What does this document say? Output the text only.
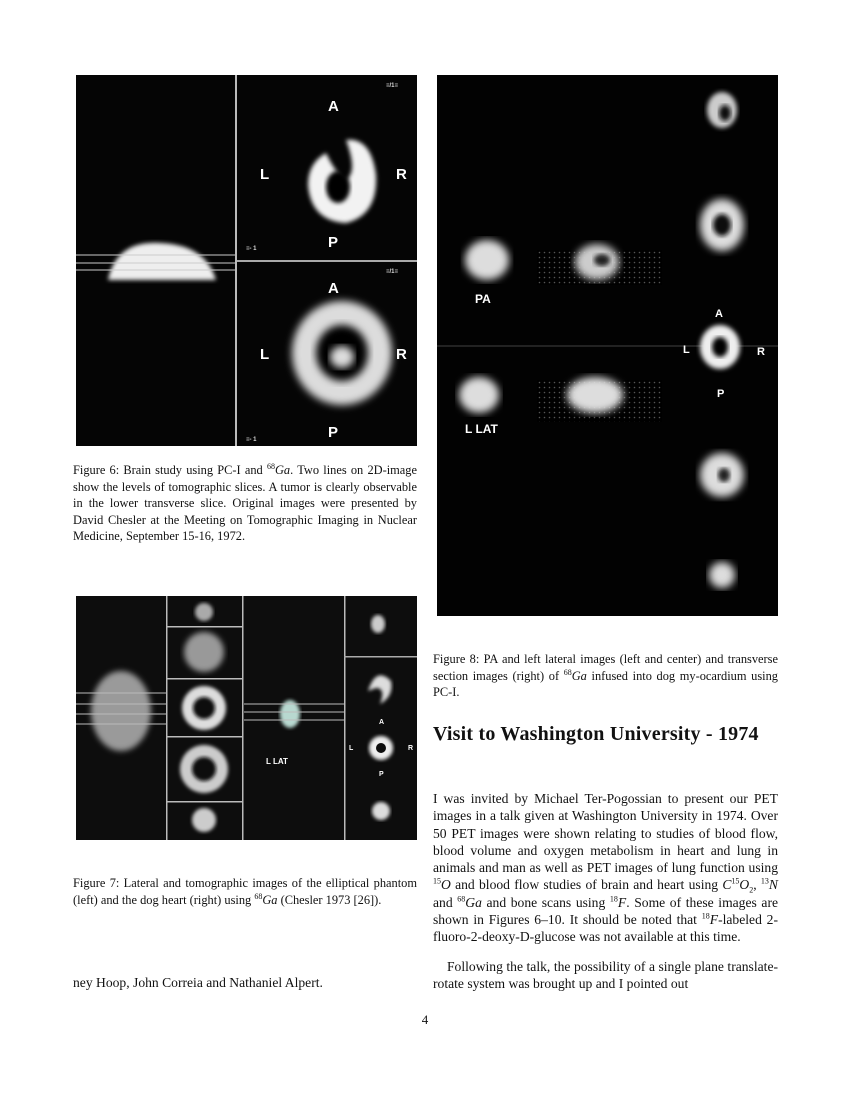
≡/1≡
≡/1≡
≡- 1
≡- 1
A
L	R
P
A
L	R
P
Figure 6: Brain study using PC-I and $^{68}$Ga. Two lines on 2D-image show the levels of tomographic slices. A tumor is clearly observable in the lower transverse slice. Original images were presented by David Chesler at the Meeting on Tomographic Imaging in Nuclear Medicine, September 15-16, 1972.
PA
L LAT
A
L	R
P
Figure 8: PA and left lateral images (left and center) and transverse section images (right) of $^{68}$Ga infused into dog my-ocardium using PC-I.
L LAT
A
L	R
P
Figure 7: Lateral and tomographic images of the elliptical phantom (left) and the dog heart (right) using $^{68}$Ga (Chesler 1973 [26]).
ney Hoop, John Correia and Nathaniel Alpert.
Visit to Washington University - 1974
I was invited by Michael Ter-Pogossian to present our PET images in a talk given at Washington University in 1974. Over 50 PET images were shown relating to studies of blood flow, blood volume and oxygen metabolism in heart and lung in animals and man as well as PET images of lung function using $^{15}$O and blood flow studies of brain and heart using $C^{15}O_2$, $^{13}$N and $^{68}$Ga and bone scans using $^{18}$F. Some of these images are shown in Figures 6–10. It should be noted that $^{18}$F-labeled 2-fluoro-2-deoxy-D-glucose was not available at this time.
Following the talk, the possibility of a single plane translate-rotate system was brought up and I pointed out
4
